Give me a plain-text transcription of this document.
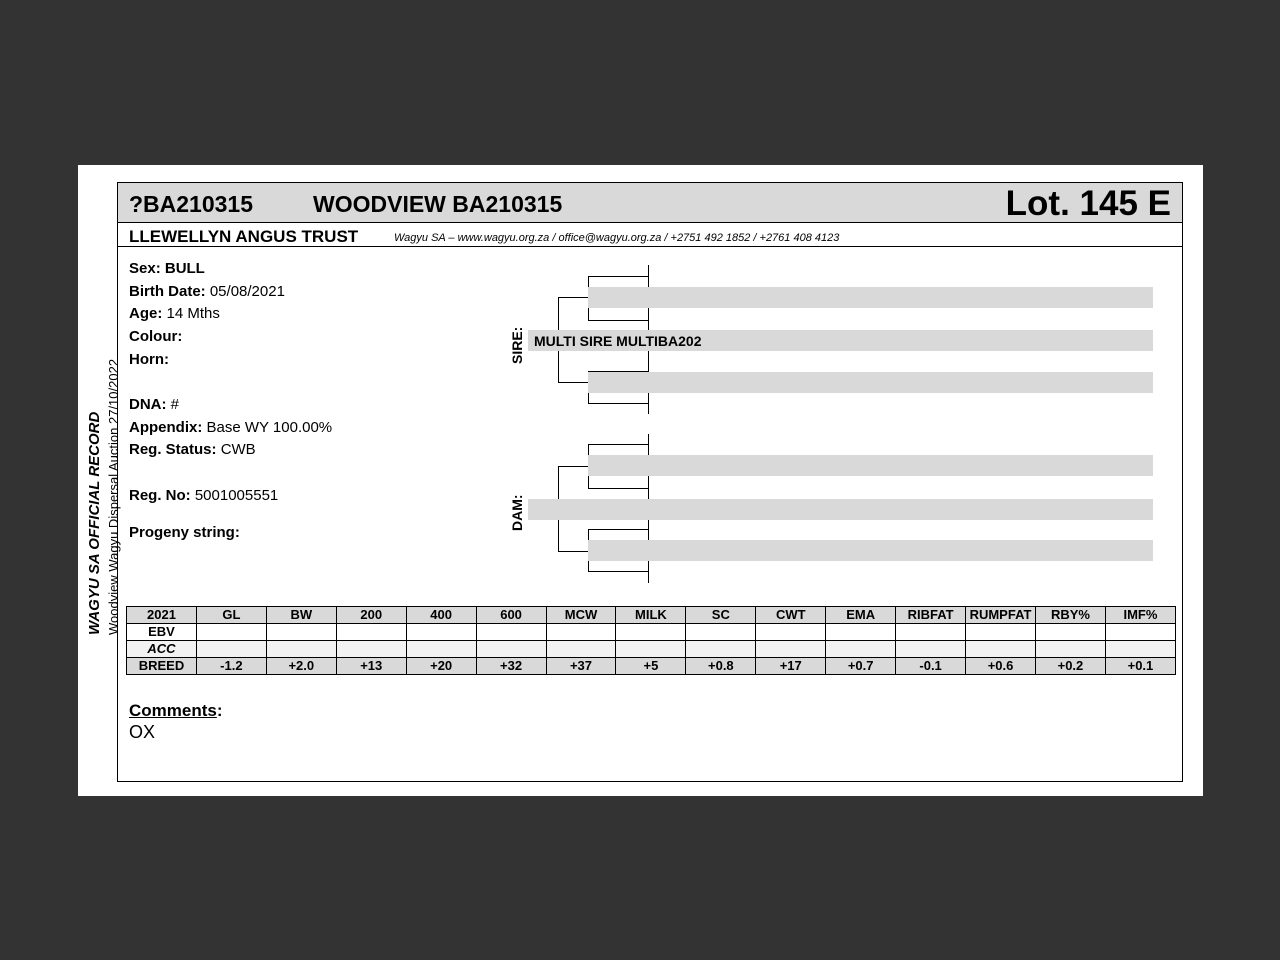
WAGYU SA OFFICIAL RECORD Woodview Wagyu Dispersal Auction 27/10/2022
?BA210315	WOODVIEW BA210315	Lot. 145 E
LLEWELLYN ANGUS TRUST	Wagyu SA – www.wagyu.org.za / office@wagyu.org.za / +2751 492 1852 / +2761 408 4123
Sex: BULL
Birth Date: 05/08/2021
Age: 14 Mths
Colour:
Horn:
DNA: #
Appendix: Base WY 100.00%
Reg. Status: CWB
Reg. No: 5001005551
Progeny string:
SIRE: MULTI SIRE MULTIBA202
DAM:
Comments:
OX
2021	GL	BW	200	400	600	MCW	MILK	SC	CWT	EMA	RIBFAT	RUMPFAT	RBY%	IMF%
EBV														
ACC														
BREED	-1.2	+2.0	+13	+20	+32	+37	+5	+0.8	+17	+0.7	-0.1	+0.6	+0.2	+0.1
